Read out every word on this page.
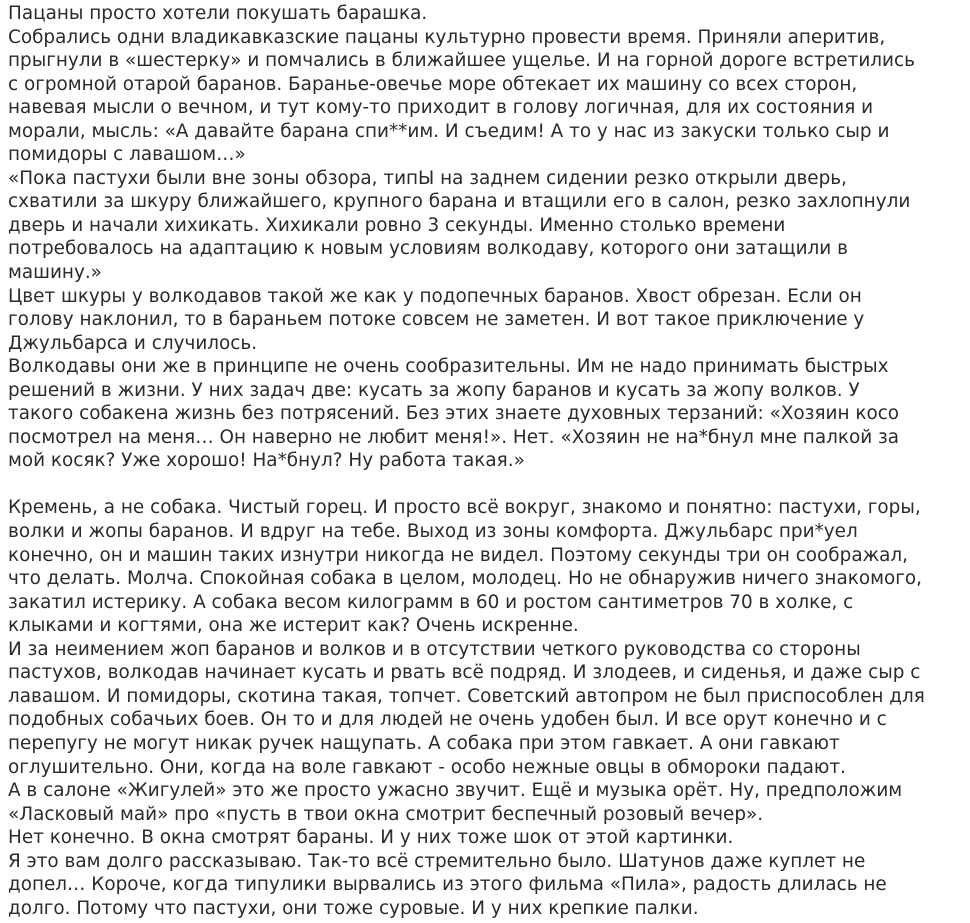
Пацаны просто хотели покушать барашка.
Собрались одни владикавказские пацаны культурно провести время. Приняли аперитив,
прыгнули в «шестерку» и помчались в ближайшее ущелье. И на горной дороге встретились
с огромной отарой баранов. Баранье-овечье море обтекает их машину со всех сторон,
навевая мысли о вечном, и тут кому-то приходит в голову логичная, для их состояния и
морали, мысль: «А давайте барана спи**им. И съедим! А то у нас из закуски только сыр и
помидоры с лавашом…»
«Пока пастухи были вне зоны обзора, типЫ на заднем сидении резко открыли дверь,
схватили за шкуру ближайшего, крупного барана и втащили его в салон, резко захлопнули
дверь и начали хихикать. Хихикали ровно 3 секунды. Именно столько времени
потребовалось на адаптацию к новым условиям волкодаву, которого они затащили в
машину.»
Цвет шкуры у волкодавов такой же как у подопечных баранов. Хвост обрезан. Если он
голову наклонил, то в бараньем потоке совсем не заметен. И вот такое приключение у
Джульбарса и случилось.
Волкодавы они же в принципе не очень сообразительны. Им не надо принимать быстрых
решений в жизни. У них задач две: кусать за жопу баранов и кусать за жопу волков. У
такого собакена жизнь без потрясений. Без этих знаете духовных терзаний: «Хозяин косо
посмотрел на меня… Он наверно не любит меня!». Нет. «Хозяин не на*бнул мне палкой за
мой косяк? Уже хорошо! На*бнул? Ну работа такая.»
Кремень, а не собака. Чистый горец. И просто всё вокруг, знакомо и понятно: пастухи, горы,
волки и жопы баранов. И вдруг на тебе. Выход из зоны комфорта. Джульбарс при*уел
конечно, он и машин таких изнутри никогда не видел. Поэтому секунды три он соображал,
что делать. Молча. Спокойная собака в целом, молодец. Но не обнаружив ничего знакомого,
закатил истерику. А собака весом килограмм в 60 и ростом сантиметров 70 в холке, с
клыками и когтями, она же истерит как? Очень искренне.
И за неимением жоп баранов и волков и в отсутствии четкого руководства со стороны
пастухов, волкодав начинает кусать и рвать всё подряд. И злодеев, и сиденья, и даже сыр с
лавашом. И помидоры, скотина такая, топчет. Советский автопром не был приспособлен для
подобных собачьих боев. Он то и для людей не очень удобен был. И все орут конечно и с
перепугу не могут никак ручек нащупать. А собака при этом гавкает. А они гавкают
оглушительно. Они, когда на воле гавкают - особо нежные овцы в обмороки падают.
А в салоне «Жигулей» это же просто ужасно звучит. Ещё и музыка орёт. Ну, предположим
«Ласковый май» про «пусть в твои окна смотрит беспечный розовый вечер».
Нет конечно. В окна смотрят бараны. И у них тоже шок от этой картинки.
Я это вам долго рассказываю. Так-то всё стремительно было. Шатунов даже куплет не
допел… Короче, когда типулики вырвались из этого фильма «Пила», радость длилась не
долго. Потому что пастухи, они тоже суровые. И у них крепкие палки.
